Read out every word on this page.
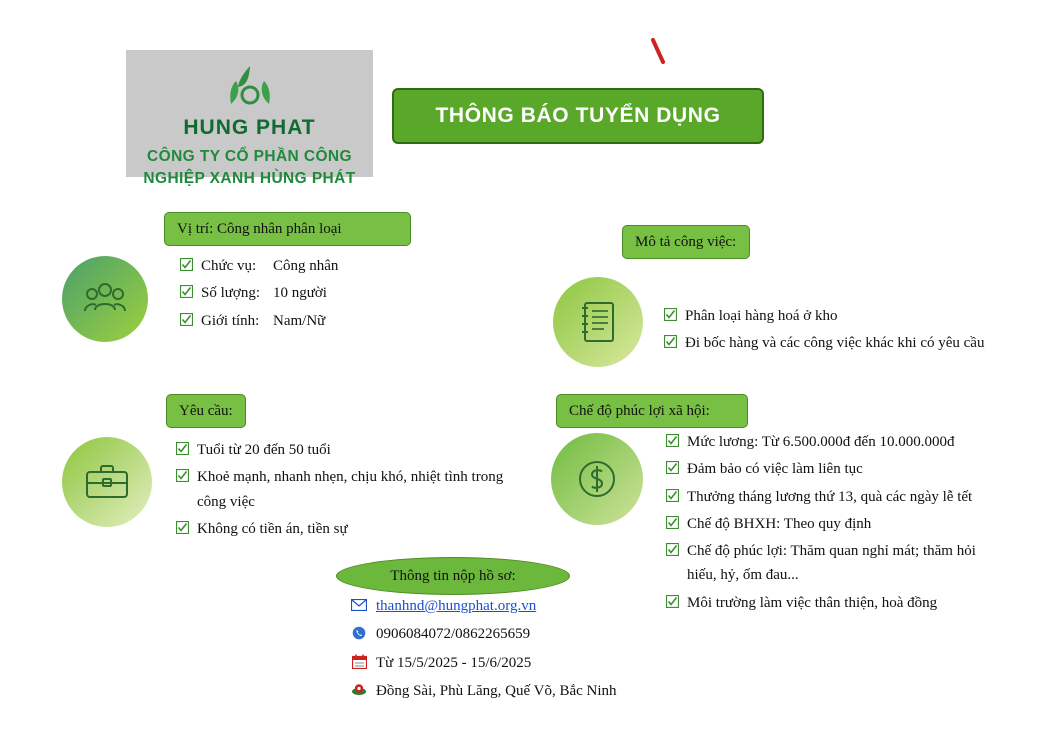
HUNG PHAT
CÔNG TY CỔ PHẦN CÔNG
NGHIỆP XANH HÙNG PHÁT
THÔNG BÁO TUYỂN DỤNG
Vị trí: Công nhân phân loại
Chức vụ: Công nhân
Số lượng: 10 người
Giới tính: Nam/Nữ
Mô tả công việc:
Phân loại hàng hoá ở kho
Đi bốc hàng và các công việc khác khi có yêu cầu
Yêu cầu:
Tuổi từ 20 đến 50 tuổi
Khoẻ mạnh, nhanh nhẹn, chịu khó, nhiệt tình trong công việc
Không có tiền án, tiền sự
Chế độ phúc lợi xã hội:
Mức lương: Từ 6.500.000đ đến 10.000.000đ
Đảm bảo có việc làm liên tục
Thưởng tháng lương thứ 13, quà các ngày lễ tết
Chế độ BHXH: Theo quy định
Chế độ phúc lợi: Thăm quan nghỉ mát; thăm hỏi hiếu, hỷ, ốm đau...
Môi trường làm việc thân thiện, hoà đồng
Thông tin nộp hồ sơ:
thanhnd@hungphat.org.vn
0906084072/0862265659
Từ 15/5/2025 - 15/6/2025
Đồng Sài, Phù Lăng, Quế Võ, Bắc Ninh
